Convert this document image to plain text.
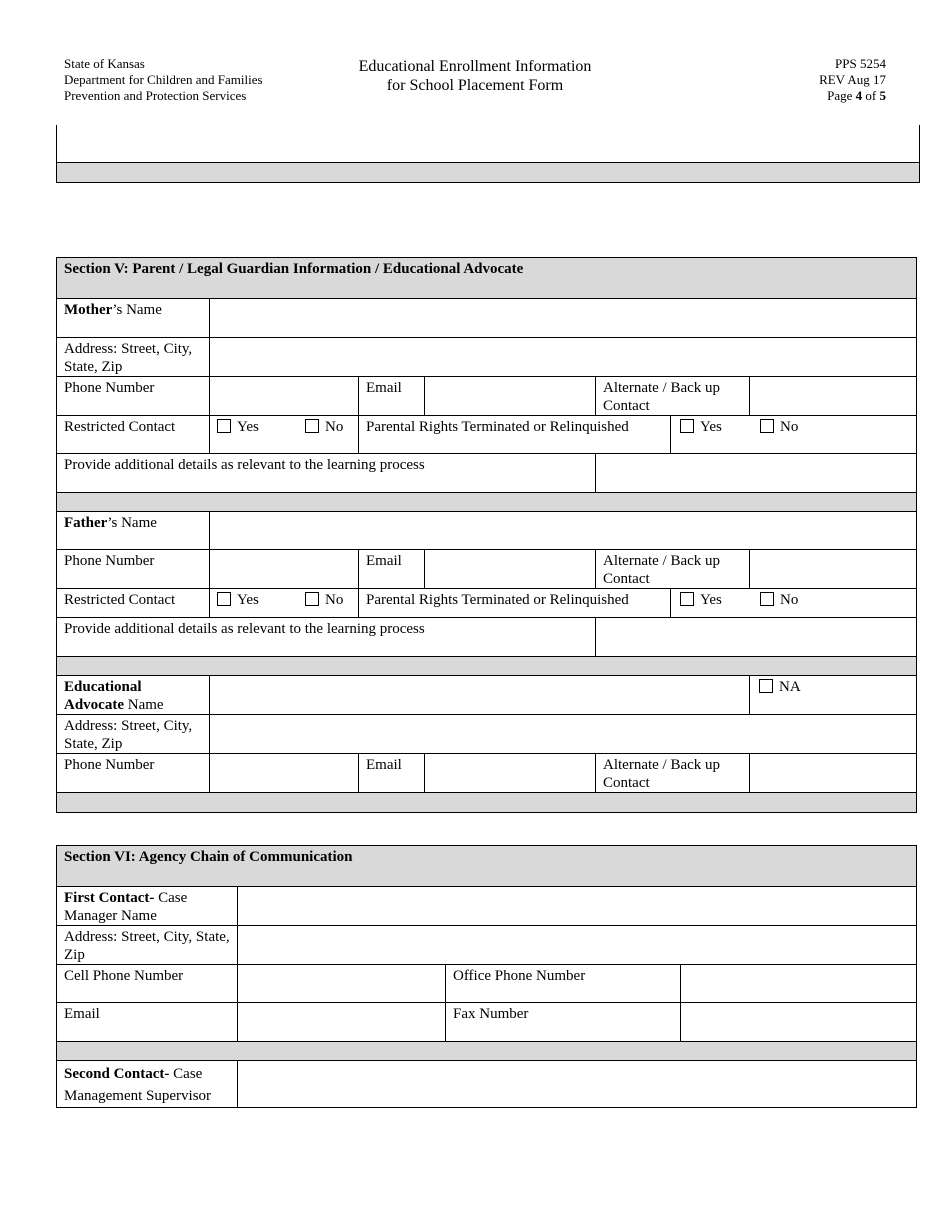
State of Kansas
Department for Children and Families
Prevention and Protection Services
Educational Enrollment Information
for School Placement Form
PPS 5254
REV Aug 17
Page 4 of 5
Section V: Parent / Legal Guardian Information / Educational Advocate						
Mother’s Name						
Address: Street, City, State, Zip						
Phone Number		Email		Alternate / Back up Contact		
Restricted Contact	Yes No	Parental Rights Terminated or Relinquished			Yes No	
Provide additional details as relevant to the learning process						

Father’s Name						
Phone Number		Email		Alternate / Back up Contact		
Restricted Contact	Yes No	Parental Rights Terminated or Relinquished			Yes No	
Provide additional details as relevant to the learning process						

Educational
Advocate Name						NA
Address: Street, City, State, Zip						
Phone Number		Email		Alternate / Back up Contact		

Section VI: Agency Chain of Communication			
First Contact- Case Manager Name			
Address: Street, City, State, Zip			
Cell Phone Number		Office Phone Number	
Email		Fax Number	

Second Contact- Case Management Supervisor			
